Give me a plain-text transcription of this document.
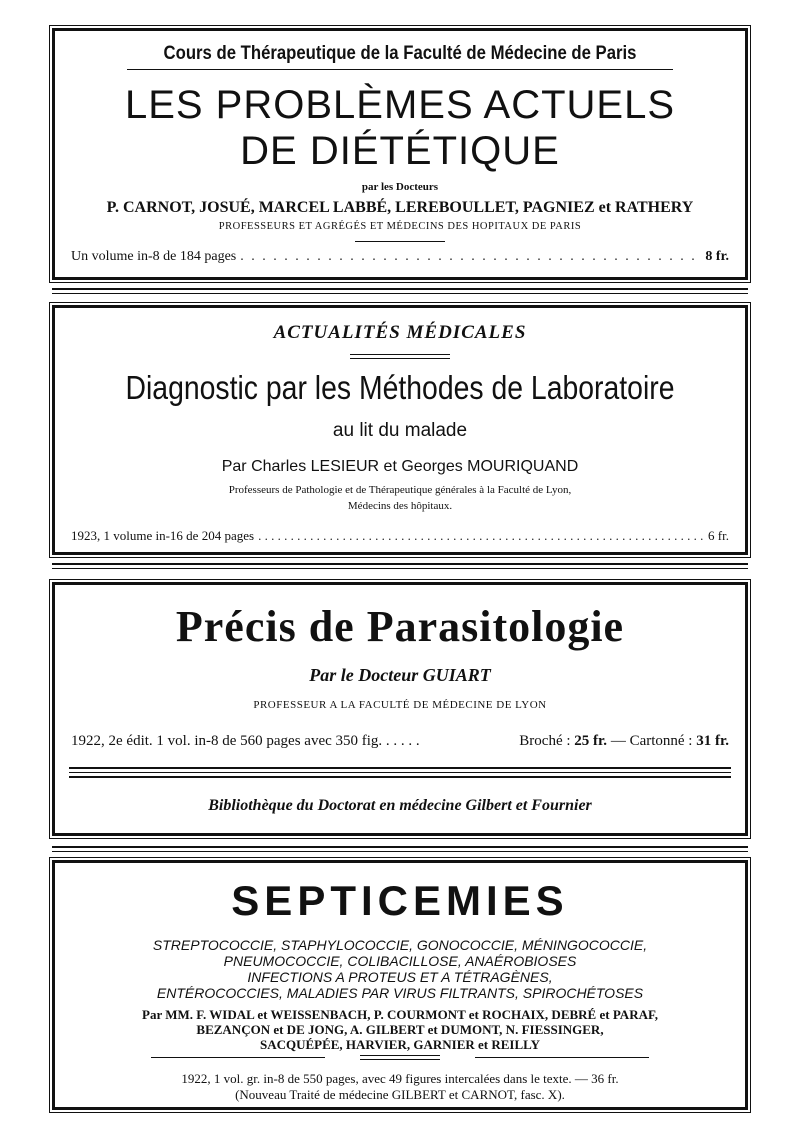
Cours de Thérapeutique de la Faculté de Médecine de Paris
LES PROBLÈMES ACTUELS
DE DIÉTÉTIQUE
par les Docteurs
P. CARNOT, JOSUÉ, MARCEL LABBÉ, LEREBOULLET, PAGNIEZ et RATHERY
PROFESSEURS ET AGRÉGÉS ET MÉDECINS DES HOPITAUX DE PARIS
Un volume in-8 de 184 pages . . .	8 fr.
ACTUALITÉS MÉDICALES
Diagnostic par les Méthodes de Laboratoire
au lit du malade
Par Charles LESIEUR et Georges MOURIQUAND
Professeurs de Pathologie et de Thérapeutique générales à la Faculté de Lyon,
Médecins des hôpitaux.
1923, 1 volume in-16 de 204 pages . . .	6 fr.
Précis de Parasitologie
Par le Docteur GUIART
PROFESSEUR A LA FACULTÉ DE MÉDECINE DE LYON
1922, 2e édit. 1 vol. in-8 de 560 pages avec 350 fig. . . . . .	Broché : 25 fr. — Cartonné : 31 fr.
Bibliothèque du Doctorat en médecine Gilbert et Fournier
SEPTICEMIES
STREPTOCOCCIE, STAPHYLOCOCCIE, GONOCOCCIE, MÉNINGOCOCCIE,
PNEUMOCOCCIE, COLIBACILLOSE, ANAÉROBIOSES
INFECTIONS A PROTEUS ET A TÉTRAGÈNES,
ENTÉROCOCCIES, MALADIES PAR VIRUS FILTRANTS, SPIROCHÉTOSES
Par MM. F. WIDAL et WEISSENBACH, P. COURMONT et ROCHAIX, DEBRÉ et PARAF,
BEZANÇON et DE JONG, A. GILBERT et DUMONT, N. FIESSINGER,
SACQUÉPÉE, HARVIER, GARNIER et REILLY
1922, 1 vol. gr. in-8 de 550 pages, avec 49 figures intercalées dans le texte. — 36 fr.
(Nouveau Traité de médecine GILBERT et CARNOT, fasc. X).
